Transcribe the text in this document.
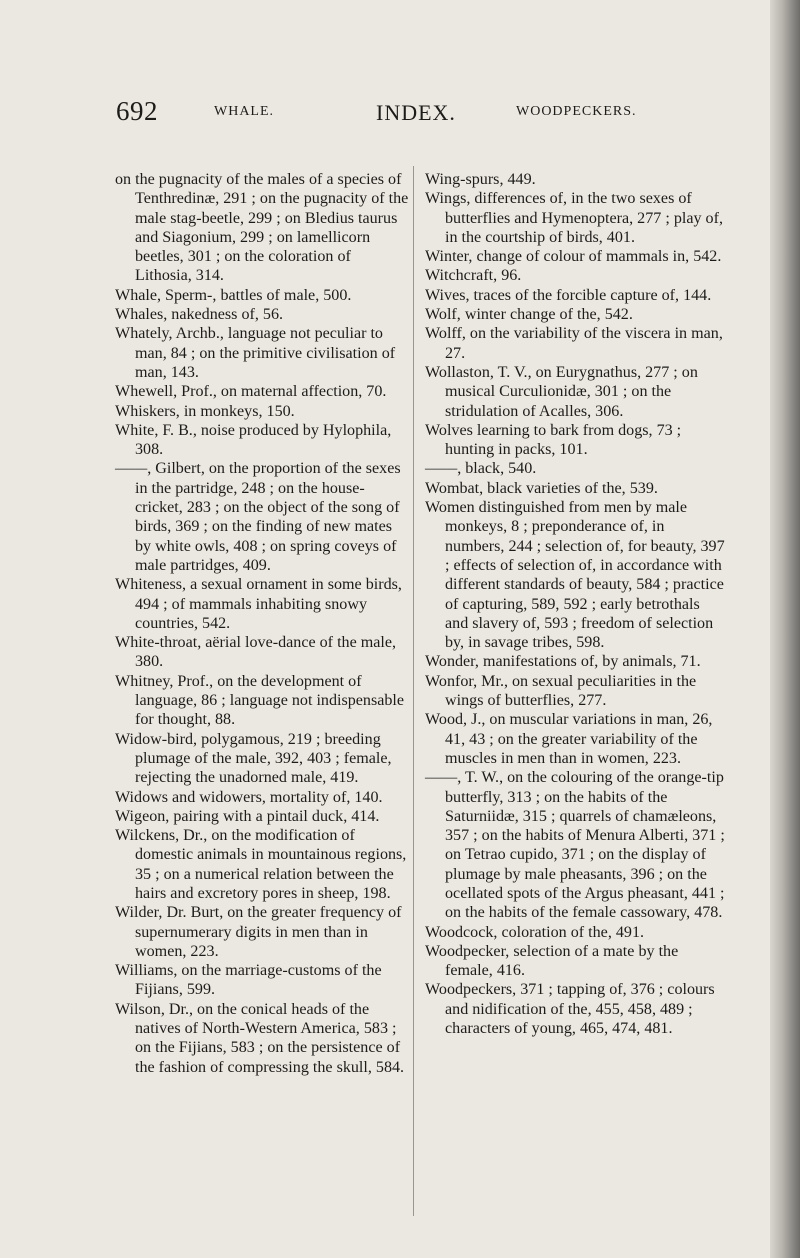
692	WHALE.	INDEX.	WOODPECKERS.

on the pugnacity of the males of a species of Tenthredinæ, 291 ; on the pugnacity of the male stag-beetle, 299 ; on Bledius taurus and Siagonium, 299 ; on lamellicorn beetles, 301 ; on the coloration of Lithosia, 314.

Whale, Sperm-, battles of male, 500.

Whales, nakedness of, 56.

Whately, Archb., language not peculiar to man, 84 ; on the primitive civilisation of man, 143.

Whewell, Prof., on maternal affection, 70.

Whiskers, in monkeys, 150.

White, F. B., noise produced by Hylophila, 308.

——, Gilbert, on the proportion of the sexes in the partridge, 248 ; on the house-cricket, 283 ; on the object of the song of birds, 369 ; on the finding of new mates by white owls, 408 ; on spring coveys of male partridges, 409.

Whiteness, a sexual ornament in some birds, 494 ; of mammals inhabiting snowy countries, 542.

White-throat, aërial love-dance of the male, 380.

Whitney, Prof., on the development of language, 86 ; language not indispensable for thought, 88.

Widow-bird, polygamous, 219 ; breeding plumage of the male, 392, 403 ; female, rejecting the unadorned male, 419.

Widows and widowers, mortality of, 140.

Wigeon, pairing with a pintail duck, 414.

Wilckens, Dr., on the modification of domestic animals in mountainous regions, 35 ; on a numerical relation between the hairs and excretory pores in sheep, 198.

Wilder, Dr. Burt, on the greater frequency of supernumerary digits in men than in women, 223.

Williams, on the marriage-customs of the Fijians, 599.

Wilson, Dr., on the conical heads of the natives of North-Western America, 583 ; on the Fijians, 583 ; on the persistence of the fashion of compressing the skull, 584.

Wing-spurs, 449.

Wings, differences of, in the two sexes of butterflies and Hymenoptera, 277 ; play of, in the courtship of birds, 401.

Winter, change of colour of mammals in, 542.

Witchcraft, 96.

Wives, traces of the forcible capture of, 144.

Wolf, winter change of the, 542.

Wolff, on the variability of the viscera in man, 27.

Wollaston, T. V., on Eurygnathus, 277 ; on musical Curculionidæ, 301 ; on the stridulation of Acalles, 306.

Wolves learning to bark from dogs, 73 ; hunting in packs, 101.

——, black, 540.

Wombat, black varieties of the, 539.

Women distinguished from men by male monkeys, 8 ; preponderance of, in numbers, 244 ; selection of, for beauty, 397 ; effects of selection of, in accordance with different standards of beauty, 584 ; practice of capturing, 589, 592 ; early betrothals and slavery of, 593 ; freedom of selection by, in savage tribes, 598.

Wonder, manifestations of, by animals, 71.

Wonfor, Mr., on sexual peculiarities in the wings of butterflies, 277.

Wood, J., on muscular variations in man, 26, 41, 43 ; on the greater variability of the muscles in men than in women, 223.

——, T. W., on the colouring of the orange-tip butterfly, 313 ; on the habits of the Saturniidæ, 315 ; quarrels of chamæleons, 357 ; on the habits of Menura Alberti, 371 ; on Tetrao cupido, 371 ; on the display of plumage by male pheasants, 396 ; on the ocellated spots of the Argus pheasant, 441 ; on the habits of the female cassowary, 478.

Woodcock, coloration of the, 491.

Woodpecker, selection of a mate by the female, 416.

Woodpeckers, 371 ; tapping of, 376 ; colours and nidification of the, 455, 458, 489 ; characters of young, 465, 474, 481.
